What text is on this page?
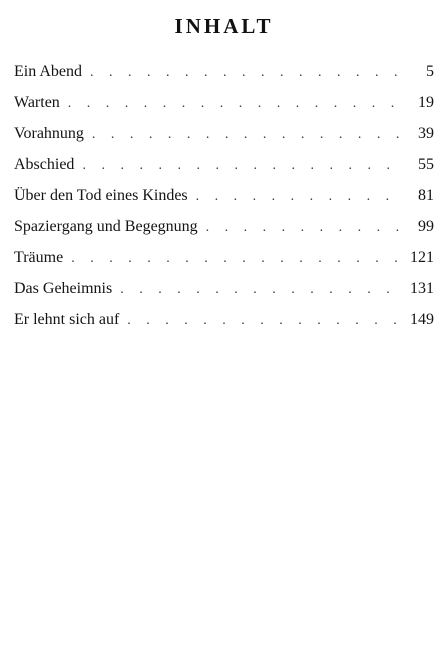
INHALT
Ein Abend . . .	5
Warten . . .	19
Vorahnung . . .	39
Abschied . . .	55
Über den Tod eines Kindes . . .	81
Spaziergang und Begegnung . . .	99
Träume . . .	121
Das Geheimnis . . .	131
Er lehnt sich auf . . .	149
